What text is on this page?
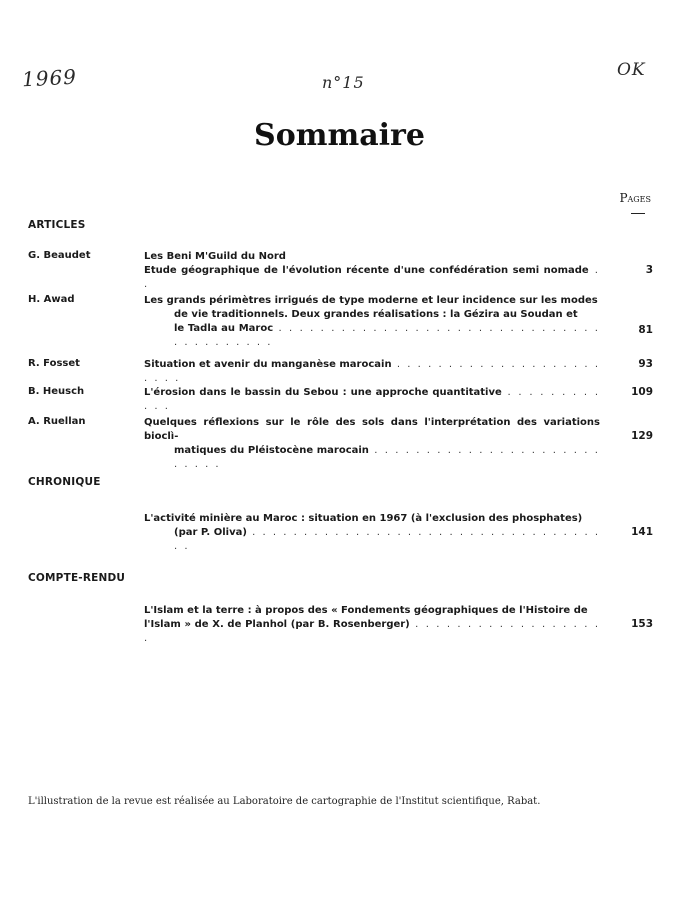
1969	n°15
OK
Sommaire
Pages
ARTICLES
G. Beaudet	Les Beni M'Guild du Nord
Etude géographique de l'évolution récente d'une confédération semi nomade . .
3
H. Awad	Les grands périmètres irrigués de type moderne et leur incidence sur les modes
de vie traditionnels. Deux grandes réalisations : la Gézira au Soudan et
le Tadla au Maroc . . . . . . . . . . . . . . . . . . . . . . . . . . . . . . . . . . . . . . . . .
81
R. Fosset	Situation et avenir du manganèse marocain . . . . . . . . . . . . . . . . . . . . . . . .
93
B. Heusch	L'érosion dans le bassin du Sebou : une approche quantitative . . . . . . . . . . . .
109
A. Ruellan	Quelques réflexions sur le rôle des sols dans l'interprétation des variations bioclì-
matiques du Pléistocène marocain . . . . . . . . . . . . . . . . . . . . . . . . . . .
129
CHRONIQUE
L'activité minière au Maroc : situation en 1967 (à l'exclusion des phosphates)
(par P. Oliva) . . . . . . . . . . . . . . . . . . . . . . . . . . . . . . . . . . . .
141
COMPTE-RENDU
L'Islam et la terre : à propos des « Fondements géographiques de l'Histoire de
l'Islam » de X. de Planhol (par B. Rosenberger) . . . . . . . . . . . . . . . . . . .
153
L'illustration de la revue est réalisée au Laboratoire de cartographie de l'Institut scientifique, Rabat.
